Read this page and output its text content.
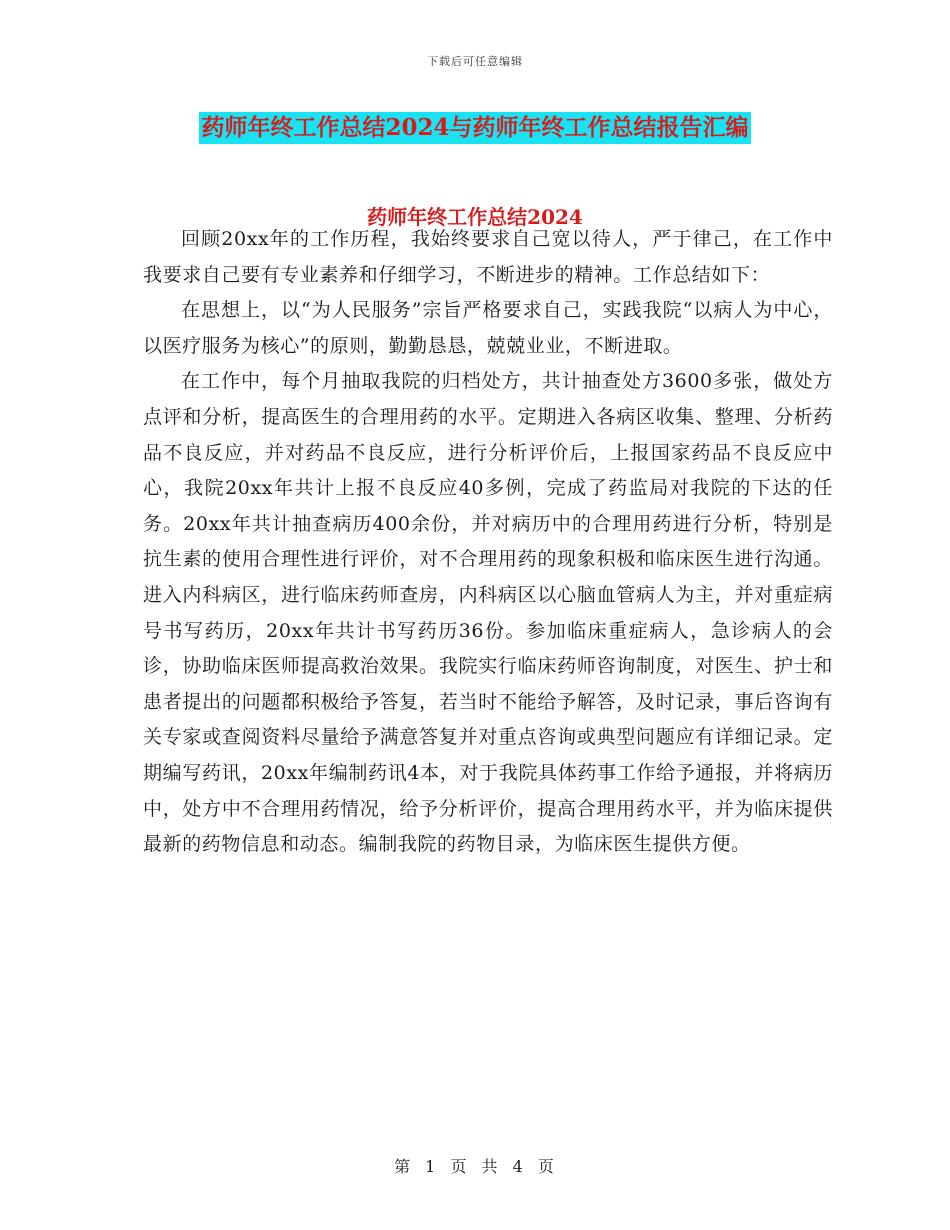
下载后可任意编辑
药师年终工作总结2024与药师年终工作总结报告汇编
药师年终工作总结2024

回顾20xx年的工作历程，我始终要求自己宽以待人，严于律己，在工作中我要求自己要有专业素养和仔细学习，不断进步的精神。工作总结如下：

在思想上，以“为人民服务”宗旨严格要求自己，实践我院“以病人为中心，以医疗服务为核心”的原则，勤勤恳恳，兢兢业业，不断进取。

在工作中，每个月抽取我院的归档处方，共计抽查处方3600多张，做处方点评和分析，提高医生的合理用药的水平。定期进入各病区收集、整理、分析药品不良反应，并对药品不良反应，进行分析评价后，上报国家药品不良反应中心，我院20xx年共计上报不良反应40多例，完成了药监局对我院的下达的任务。20xx年共计抽查病历400余份，并对病历中的合理用药进行分析，特别是抗生素的使用合理性进行评价，对不合理用药的现象积极和临床医生进行沟通。进入内科病区，进行临床药师查房，内科病区以心脑血管病人为主，并对重症病号书写药历，20xx年共计书写药历36份。参加临床重症病人，急诊病人的会诊，协助临床医师提高救治效果。我院实行临床药师咨询制度，对医生、护士和患者提出的问题都积极给予答复，若当时不能给予解答，及时记录，事后咨询有关专家或查阅资料尽量给予满意答复并对重点咨询或典型问题应有详细记录。定期编写药讯，20xx年编制药讯4本，对于我院具体药事工作给予通报，并将病历中，处方中不合理用药情况，给予分析评价，提高合理用药水平，并为临床提供最新的药物信息和动态。编制我院的药物目录，为临床医生提供方便。

第 1 页 共 4 页
